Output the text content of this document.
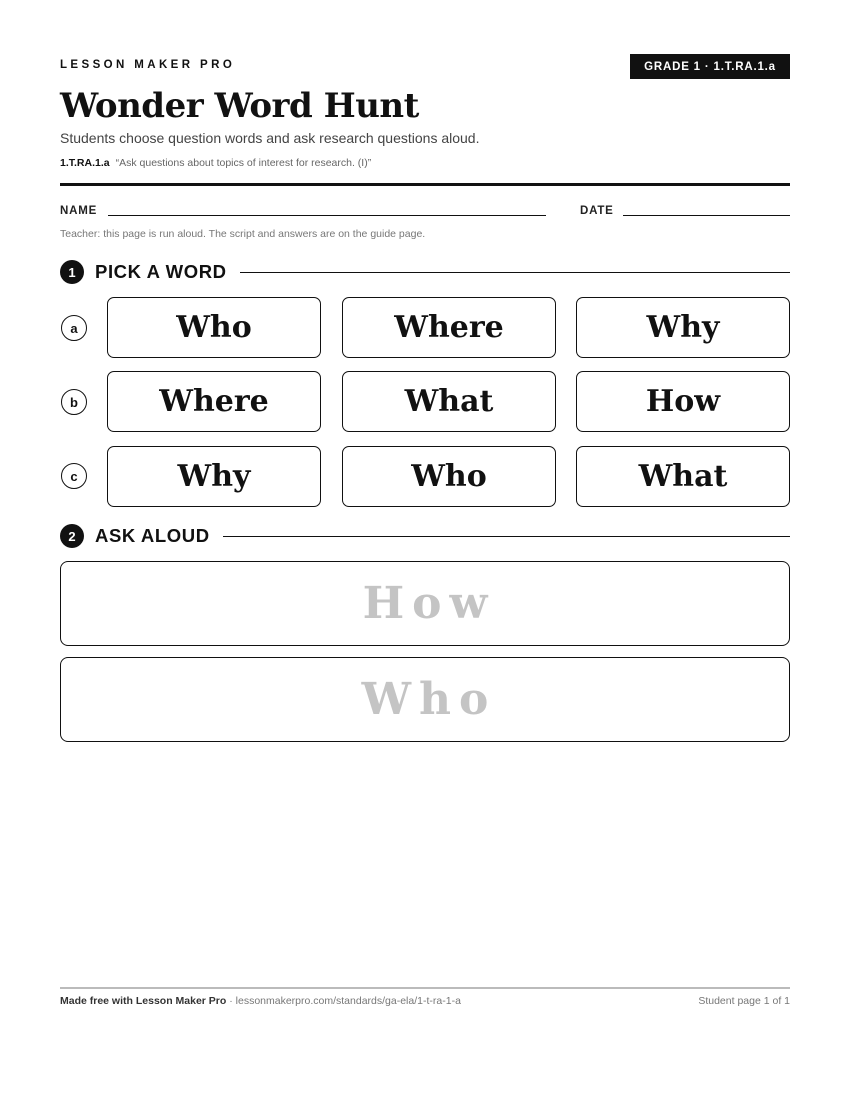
LESSON MAKER PRO	GRADE 1 · 1.T.RA.1.a
Wonder Word Hunt
Students choose question words and ask research questions aloud.
1.T.RA.1.a “Ask questions about topics of interest for research. (I)”
NAME	DATE
Teacher: this page is run aloud. The script and answers are on the guide page.
1	PICK A WORD
a	Who	Where	Why
b	Where	What	How
c	Why	Who	What
2	ASK ALOUD
How
Who
Made free with Lesson Maker Pro · lessonmakerpro.com/standards/ga-ela/1-t-ra-1-a	Student page 1 of 1
